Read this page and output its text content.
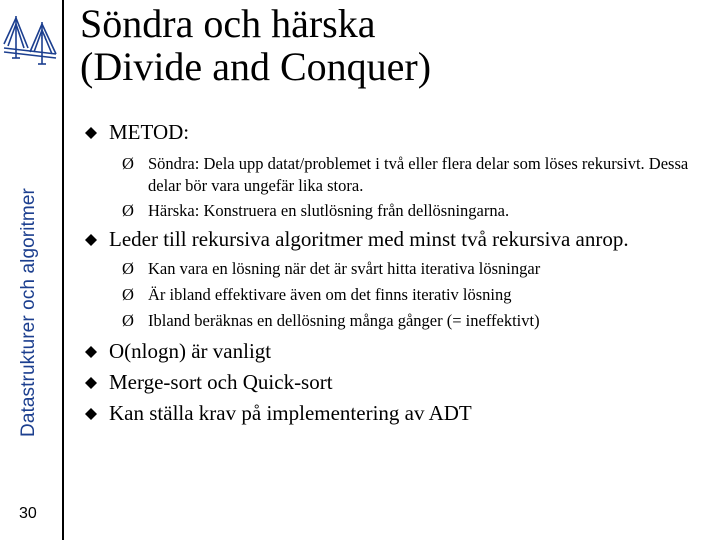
⌇⌇
Datastrukturer och algoritmer
30
Söndra och härska
(Divide and Conquer)
METOD:
Ø Söndra: Dela upp datat/problemet i två eller flera delar som löses rekursivt. Dessa delar bör vara ungefär lika stora.
Ø Härska: Konstruera en slutlösning från dellösningarna.
Leder till rekursiva algoritmer med minst två rekursiva anrop.
Ø Kan vara en lösning när det är svårt hitta iterativa lösningar
Ø Är ibland effektivare även om det finns iterativ lösning
Ø Ibland beräknas en dellösning många gånger (= ineffektivt)
O(nlogn) är vanligt
Merge-sort och Quick-sort
Kan ställa krav på implementering av ADT
